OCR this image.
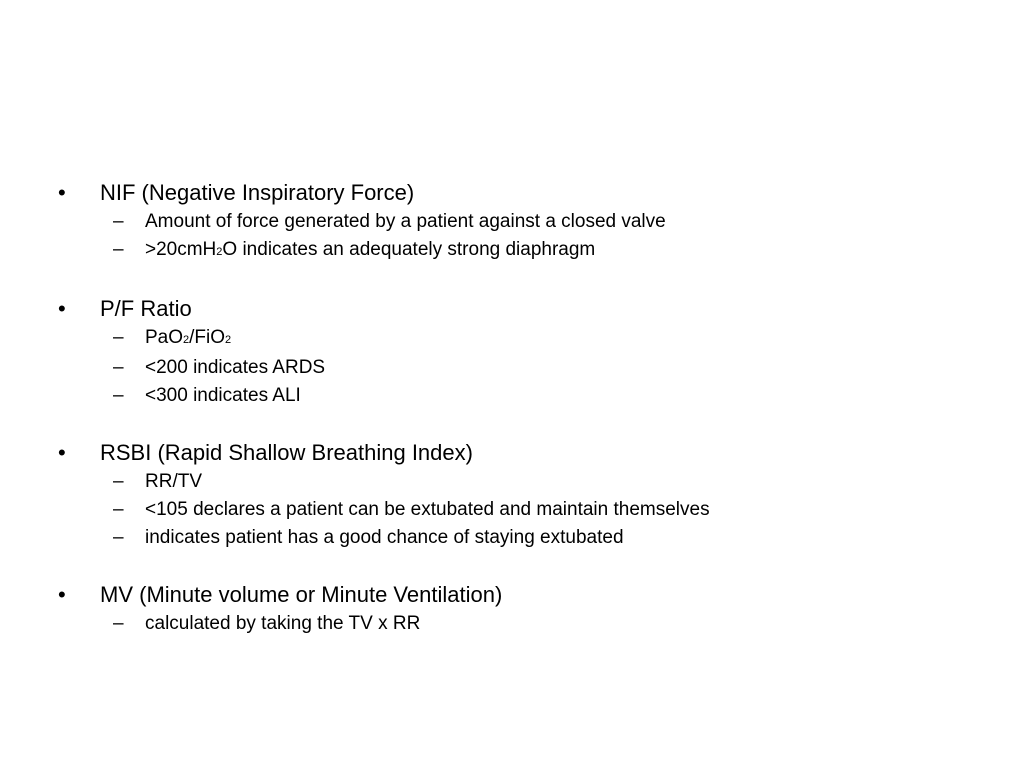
•	NIF (Negative Inspiratory Force)
–	Amount of force generated by a patient against a closed valve
–	>20cmH2O indicates an adequately strong diaphragm
•	P/F Ratio
–	PaO2/FiO2
–	<200 indicates ARDS
–	<300 indicates ALI
•	RSBI (Rapid Shallow Breathing Index)
–	RR/TV
–	<105 declares a patient can be extubated and maintain themselves
–	indicates patient has a good chance of staying extubated
•	MV (Minute volume or Minute Ventilation)
–	calculated by taking the TV x RR
